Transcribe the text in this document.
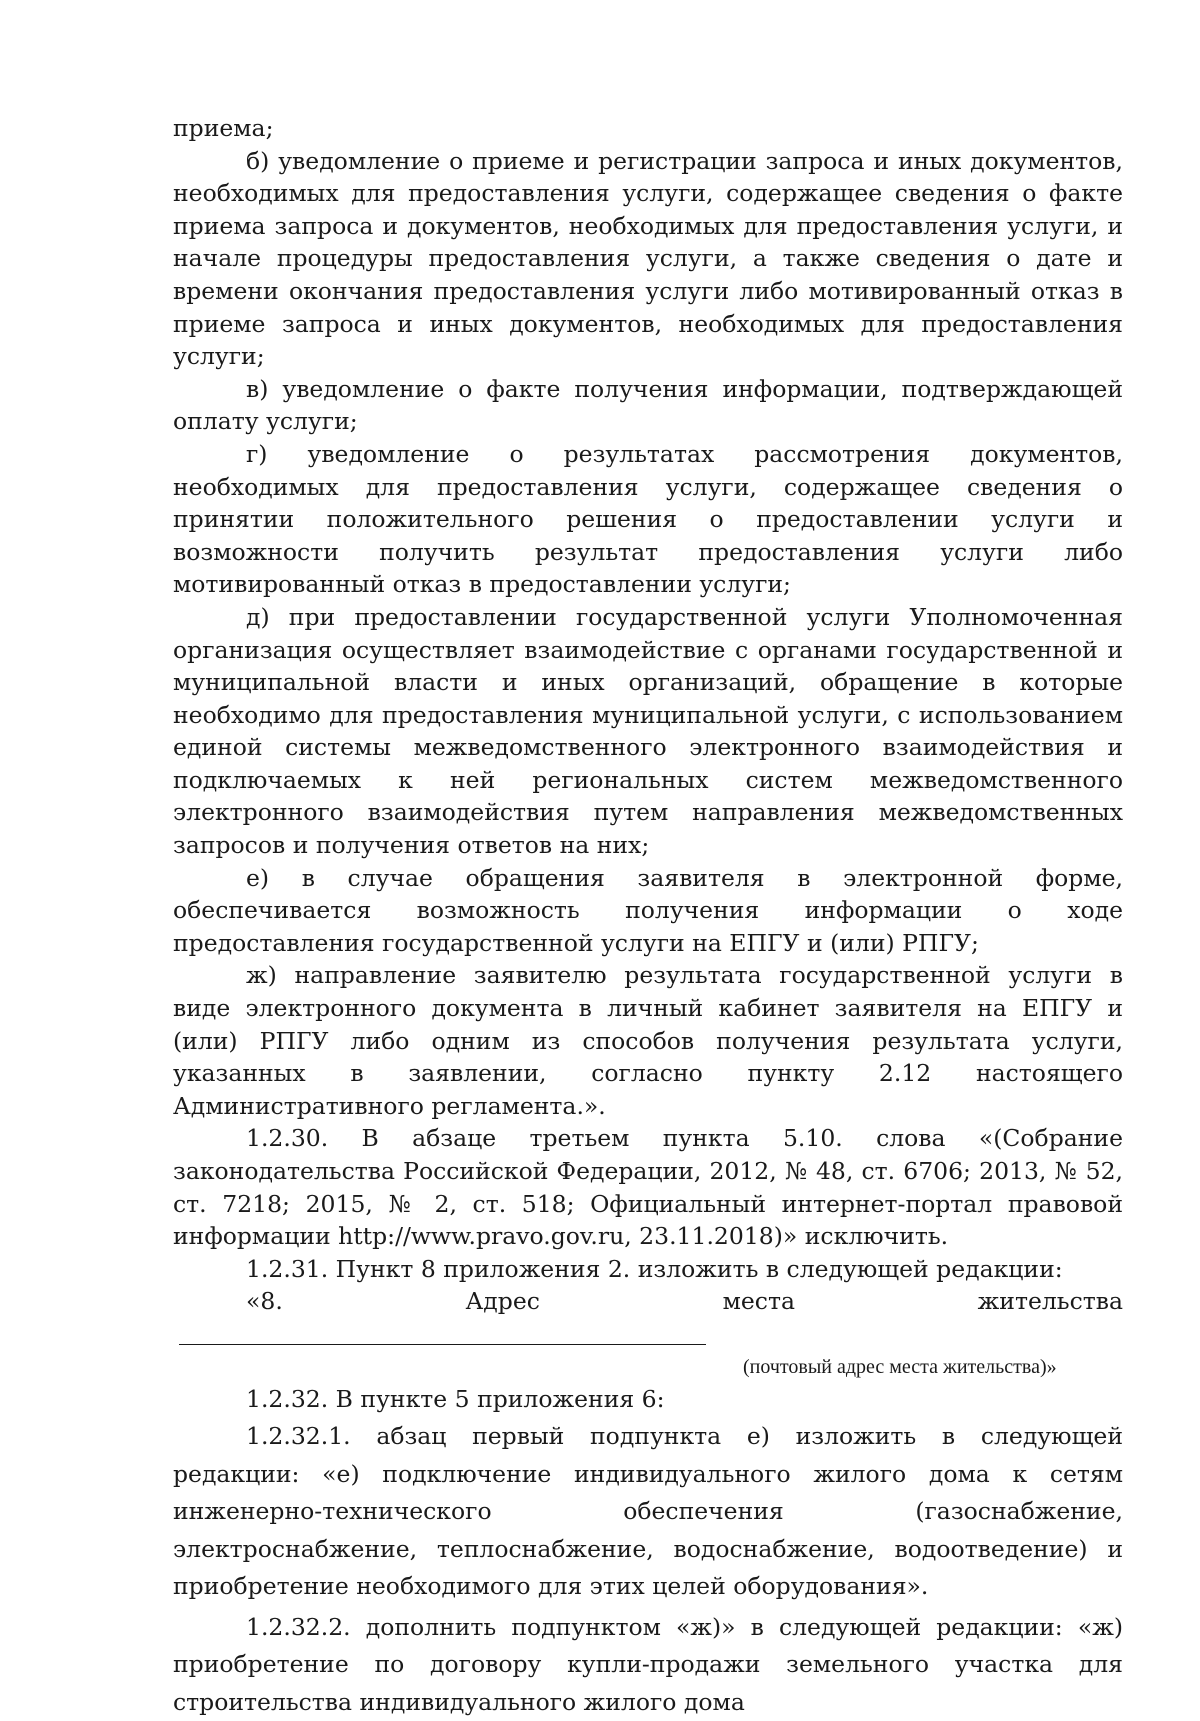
приема;

б) уведомление о приеме и регистрации запроса и иных документов, необходимых для предоставления услуги, содержащее сведения о факте приема запроса и документов, необходимых для предоставления услуги, и начале процедуры предоставления услуги, а также сведения о дате и времени окончания предоставления услуги либо мотивированный отказ в приеме запроса и иных документов, необходимых для предоставления услуги;

в) уведомление о факте получения информации, подтверждающей оплату услуги;

г) уведомление о результатах рассмотрения документов, необходимых для предоставления услуги, содержащее сведения о принятии положительного решения о предоставлении услуги и возможности получить результат предоставления услуги либо мотивированный отказ в предоставлении услуги;

д) при предоставлении государственной услуги Уполномоченная организация осуществляет взаимодействие с органами государственной и муниципальной власти и иных организаций, обращение в которые необходимо для предоставления муниципальной услуги, с использованием единой системы межведомственного электронного взаимодействия и подключаемых к ней региональных систем межведомственного электронного взаимодействия путем направления межведомственных запросов и получения ответов на них;

е) в случае обращения заявителя в электронной форме, обеспечивается возможность получения информации о ходе предоставления государственной услуги на ЕПГУ и (или) РПГУ;

ж) направление заявителю результата государственной услуги в виде электронного документа в личный кабинет заявителя на ЕПГУ и (или) РПГУ либо одним из способов получения результата услуги, указанных в заявлении, согласно пункту 2.12 настоящего Административного регламента.».

1.2.30. В абзаце третьем пункта 5.10. слова «(Собрание законодательства Российской Федерации, 2012, № 48, ст. 6706; 2013, № 52, ст. 7218; 2015, № 2, ст. 518; Официальный интернет-портал правовой информации http://www.pravo.gov.ru, 23.11.2018)» исключить.

1.2.31. Пункт 8 приложения 2. изложить в следующей редакции:

«8. Адрес места жительства

(почтовый адрес места жительства)»

1.2.32. В пункте 5 приложения 6:

1.2.32.1. абзац первый подпункта е) изложить в следующей редакции: «е) подключение индивидуального жилого дома к сетям инженерно-технического обеспечения (газоснабжение, электроснабжение, теплоснабжение, водоснабжение, водоотведение) и приобретение необходимого для этих целей оборудования».

1.2.32.2. дополнить подпунктом «ж)» в следующей редакции: «ж) приобретение по договору купли-продажи земельного участка для строительства индивидуального жилого дома
